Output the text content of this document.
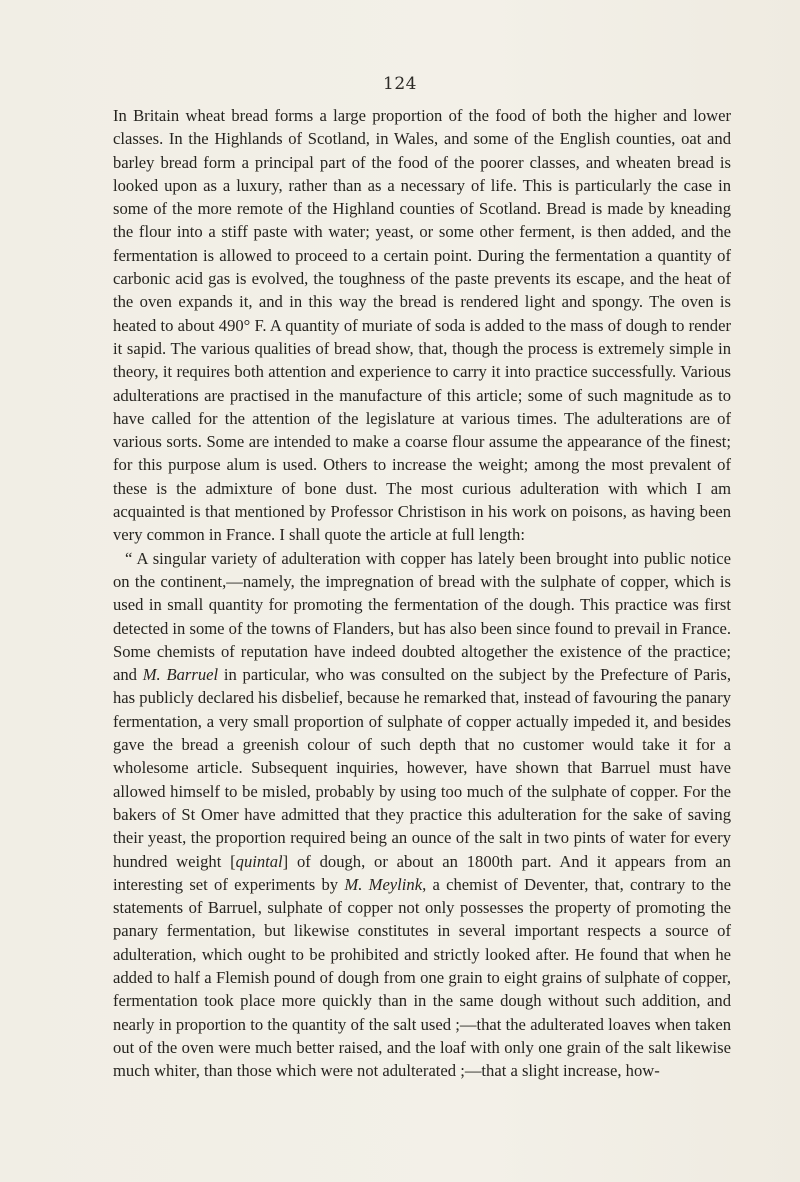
124

In Britain wheat bread forms a large proportion of the food of both the higher and lower classes. In the Highlands of Scotland, in Wales, and some of the English counties, oat and barley bread form a principal part of the food of the poorer classes, and wheaten bread is looked upon as a luxury, rather than as a necessary of life. This is particularly the case in some of the more remote of the Highland counties of Scotland. Bread is made by kneading the flour into a stiff paste with water; yeast, or some other ferment, is then added, and the fermentation is allowed to proceed to a certain point. During the fermentation a quantity of carbonic acid gas is evolved, the toughness of the paste prevents its escape, and the heat of the oven expands it, and in this way the bread is rendered light and spongy. The oven is heated to about 490° F. A quantity of muriate of soda is added to the mass of dough to render it sapid. The various qualities of bread show, that, though the process is extremely simple in theory, it requires both attention and experience to carry it into practice successfully. Various adulterations are practised in the manufacture of this article; some of such magnitude as to have called for the attention of the legislature at various times. The adulterations are of various sorts. Some are intended to make a coarse flour assume the appearance of the finest; for this purpose alum is used. Others to increase the weight; among the most prevalent of these is the admixture of bone dust. The most curious adulteration with which I am acquainted is that mentioned by Professor Christison in his work on poisons, as having been very common in France. I shall quote the article at full length:

“ A singular variety of adulteration with copper has lately been brought into public notice on the continent,—namely, the impregnation of bread with the sulphate of copper, which is used in small quantity for promoting the fermentation of the dough. This practice was first detected in some of the towns of Flanders, but has also been since found to prevail in France. Some chemists of reputation have indeed doubted altogether the existence of the practice; and M. Barruel in particular, who was consulted on the subject by the Prefecture of Paris, has publicly declared his disbelief, because he remarked that, instead of favouring the panary fermentation, a very small proportion of sulphate of copper actually impeded it, and besides gave the bread a greenish colour of such depth that no customer would take it for a wholesome article. Subsequent inquiries, however, have shown that Barruel must have allowed himself to be misled, probably by using too much of the sulphate of copper. For the bakers of St Omer have admitted that they practice this adulteration for the sake of saving their yeast, the proportion required being an ounce of the salt in two pints of water for every hundred weight [quintal] of dough, or about an 1800th part. And it appears from an interesting set of experiments by M. Meylink, a chemist of Deventer, that, contrary to the statements of Barruel, sulphate of copper not only possesses the property of promoting the panary fermentation, but likewise constitutes in several important respects a source of adulteration, which ought to be prohibited and strictly looked after. He found that when he added to half a Flemish pound of dough from one grain to eight grains of sulphate of copper, fermentation took place more quickly than in the same dough without such addition, and nearly in proportion to the quantity of the salt used ;—that the adulterated loaves when taken out of the oven were much better raised, and the loaf with only one grain of the salt likewise much whiter, than those which were not adulterated ;—that a slight increase, how-
